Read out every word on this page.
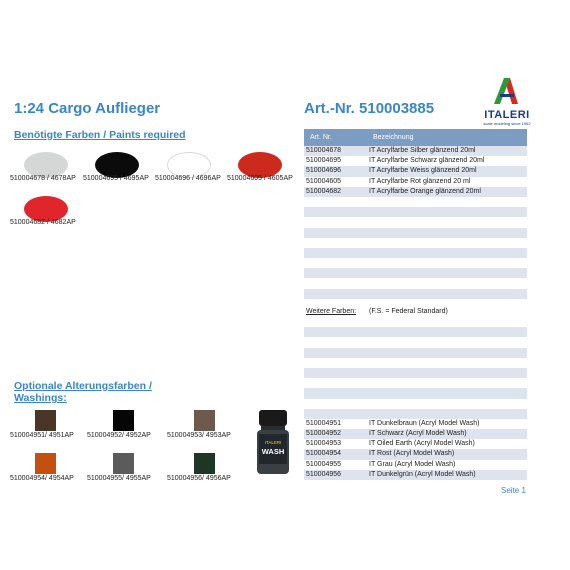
1:24 Cargo Auflieger	Art.-Nr. 510003885	ITALERI
scale modeling since 1962
Benötigte Farben / Paints required
510004678 / 4678AP 510004695 / 4695AP 510004696 / 4696AP 510004605 / 4605AP
510004682 / 4682AP
Optionale Alterungsfarben /
Washings:
510004951/ 4951AP 510004952/ 4952AP 510004953/ 4953AP
510004954/ 4954AP 510004955/ 4955AP 510004956/ 4956AP
ITALERI
WASH
Art. Nr.	Bezeichnung
510004678	IT Acrylfarbe Silber glänzend 20ml
510004695	IT Acrylfarbe Schwarz glänzend 20ml
510004696	IT Acrylfarbe Weiss glänzend 20ml
510004605	IT Acrylfarbe Rot glänzend 20 ml
510004682	IT Acrylfarbe Orange glänzend 20ml
Weitere Farben:	(F.S. = Federal Standard)
510004951	IT Dunkelbraun (Acryl Model Wash)
510004952	IT Schwarz (Acryl Model Wash)
510004953	IT Oiled Earth (Acryl Model Wash)
510004954	IT Rost (Acryl Model Wash)
510004955	IT Grau (Acryl Model Wash)
510004956	IT Dunkelgrün (Acryl Model Wash)
Seite 1
